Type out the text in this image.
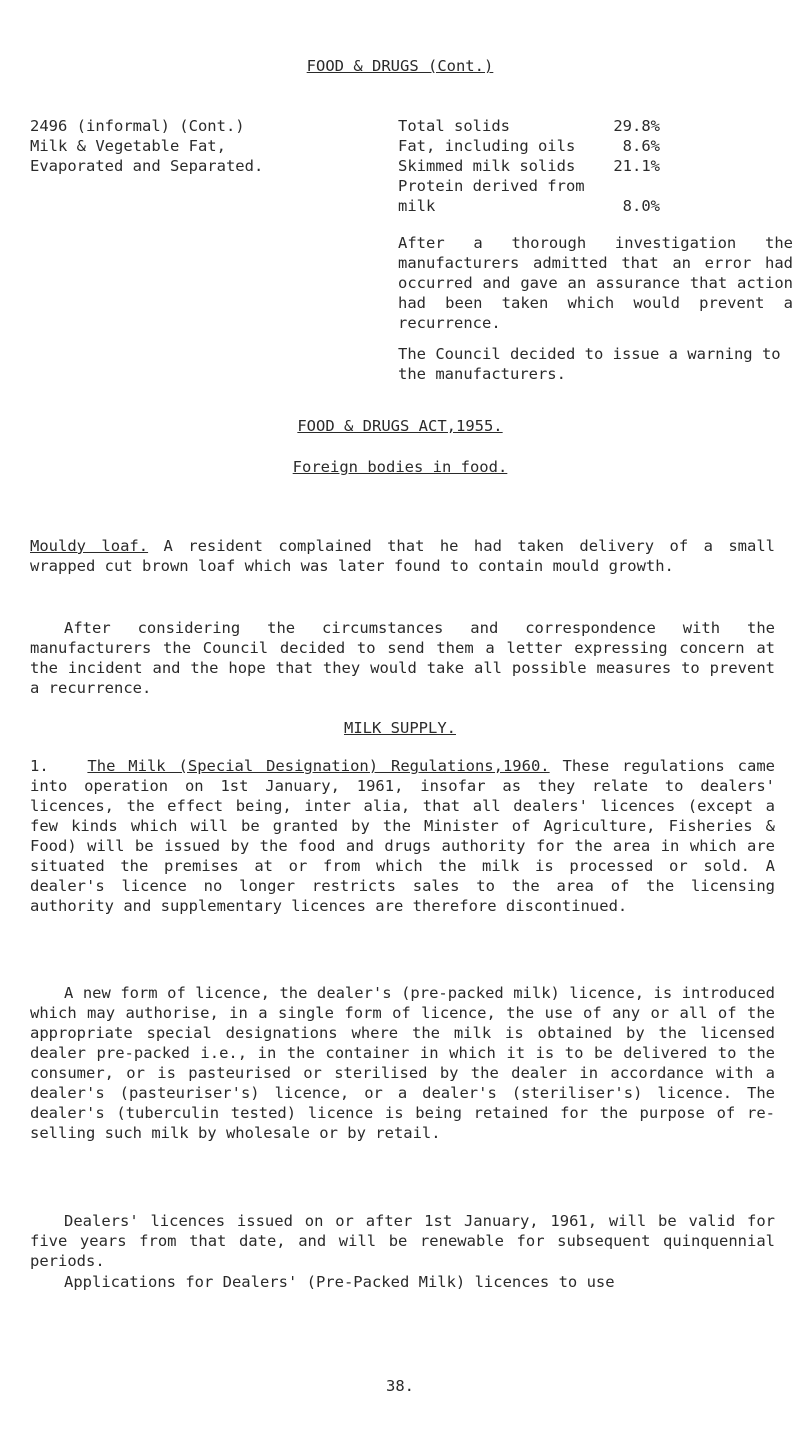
FOOD & DRUGS (Cont.)
2496 (informal) (Cont.)
Milk & Vegetable Fat,
Evaporated and Separated.
Total solids	29.8%
Fat, including oils	8.6%
Skimmed milk solids	21.1%
Protein derived from
milk	8.0%
After a thorough investigation the manufacturers admitted that an error had occurred and gave an assurance that action had been taken which would prevent a recurrence.
The Council decided to issue a warning to the manufacturers.
FOOD & DRUGS ACT,1955.
Foreign bodies in food.
Mouldy loaf. A resident complained that he had taken delivery of a small wrapped cut brown loaf which was later found to contain mould growth.
After considering the circumstances and correspondence with the manufacturers the Council decided to send them a letter expressing concern at the incident and the hope that they would take all possible measures to prevent a recurrence.
MILK SUPPLY.
1. The Milk (Special Designation) Regulations,1960. These regulations came into operation on 1st January, 1961, insofar as they relate to dealers' licences, the effect being, inter alia, that all dealers' licences (except a few kinds which will be granted by the Minister of Agriculture, Fisheries & Food) will be issued by the food and drugs authority for the area in which are situated the premises at or from which the milk is processed or sold. A dealer's licence no longer restricts sales to the area of the licensing authority and supplementary licences are therefore discontinued.
A new form of licence, the dealer's (pre-packed milk) licence, is introduced which may authorise, in a single form of licence, the use of any or all of the appropriate special designations where the milk is obtained by the licensed dealer pre-packed i.e., in the container in which it is to be delivered to the consumer, or is pasteurised or sterilised by the dealer in accordance with a dealer's (pasteuriser's) licence, or a dealer's (steriliser's) licence. The dealer's (tuberculin tested) licence is being retained for the purpose of re-selling such milk by wholesale or by retail.
Dealers' licences issued on or after 1st January, 1961, will be valid for five years from that date, and will be renewable for subsequent quinquennial periods.
Applications for Dealers' (Pre-Packed Milk) licences to use
38.
